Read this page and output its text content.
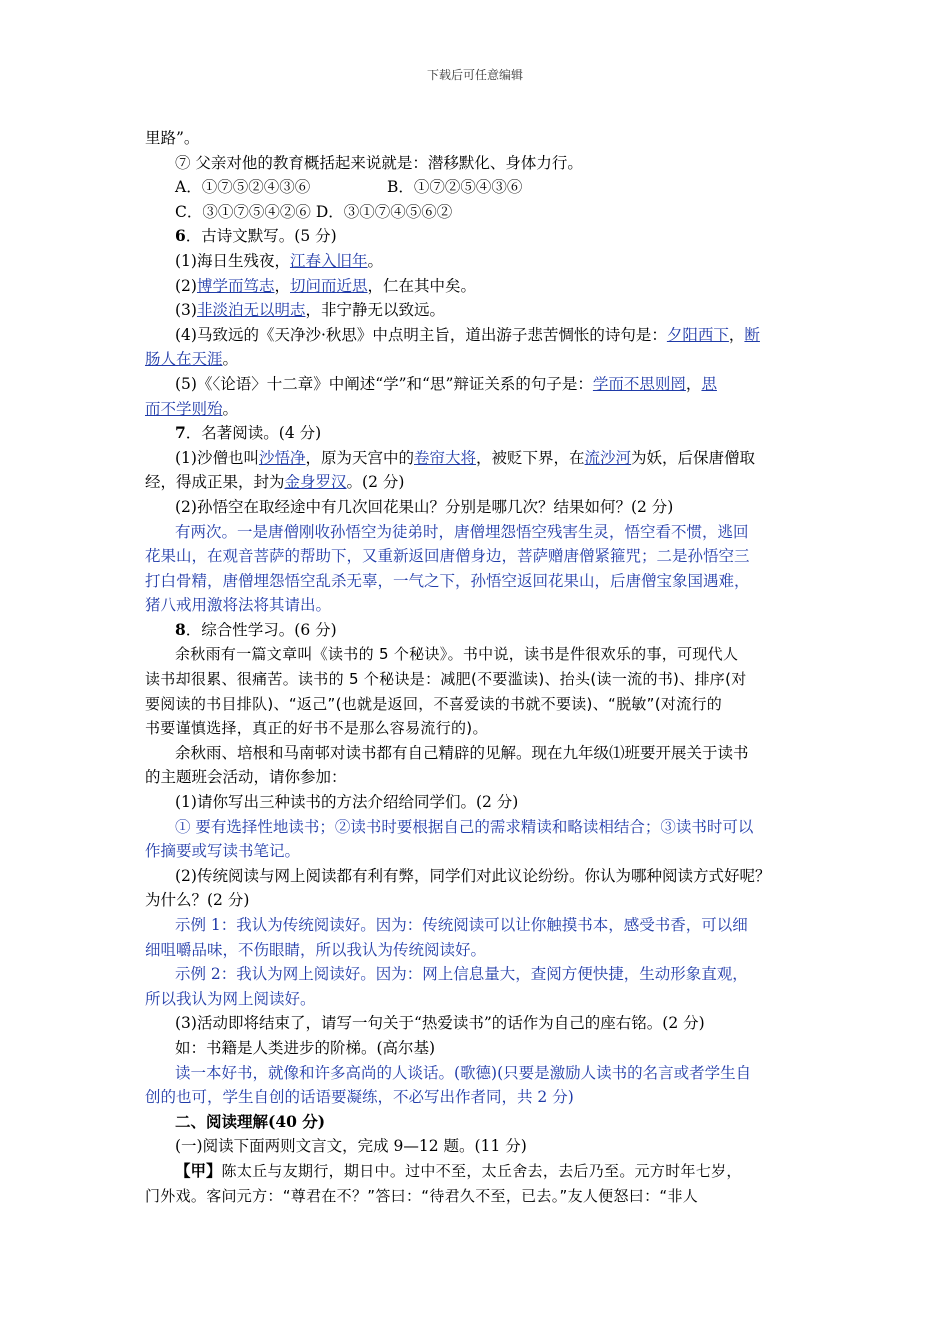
下载后可任意编辑

里路”。

⑦ 父亲对他的教育概括起来说就是：潜移默化、身体力行。

A．①⑦⑤②④③⑥	B．①⑦②⑤④③⑥

C．③①⑦⑤④②⑥ D．③①⑦④⑤⑥②

6．古诗文默写。(5 分)

(1)海日生残夜，江春入旧年。

(2)博学而笃志，切问而近思，仁在其中矣。

(3)非淡泊无以明志，非宁静无以致远。

(4)马致远的《天净沙·秋思》中点明主旨，道出游子悲苦惆怅的诗句是：夕阳西下，断

肠人在天涯。

(5)《〈论语〉十二章》中阐述“学”和“思”辩证关系的句子是：学而不思则罔，思

而不学则殆。

7．名著阅读。(4 分)

(1)沙僧也叫沙悟净，原为天宫中的卷帘大将，被贬下界，在流沙河为妖，后保唐僧取

经，得成正果，封为金身罗汉。(2 分)

(2)孙悟空在取经途中有几次回花果山？分别是哪几次？结果如何？(2 分)

有两次。一是唐僧刚收孙悟空为徒弟时，唐僧埋怨悟空残害生灵，悟空看不惯，逃回

花果山，在观音菩萨的帮助下，又重新返回唐僧身边，菩萨赠唐僧紧箍咒；二是孙悟空三

打白骨精，唐僧埋怨悟空乱杀无辜，一气之下，孙悟空返回花果山，后唐僧宝象国遇难，

猪八戒用激将法将其请出。

8．综合性学习。(6 分)

余秋雨有一篇文章叫《读书的 5 个秘诀》。书中说，读书是件很欢乐的事，可现代人

读书却很累、很痛苦。读书的 5 个秘诀是：减肥(不要滥读)、抬头(读一流的书)、排序(对

要阅读的书目排队)、“返己”(也就是返回，不喜爱读的书就不要读)、“脱敏”(对流行的

书要谨慎选择，真正的好书不是那么容易流行的)。

余秋雨、培根和马南邨对读书都有自己精辟的见解。现在九年级⑴班要开展关于读书

的主题班会活动，请你参加：

(1)请你写出三种读书的方法介绍给同学们。(2 分)

① 要有选择性地读书；②读书时要根据自己的需求精读和略读相结合；③读书时可以

作摘要或写读书笔记。

(2)传统阅读与网上阅读都有利有弊，同学们对此议论纷纷。你认为哪种阅读方式好呢？

为什么？(2 分)

示例 1：我认为传统阅读好。因为：传统阅读可以让你触摸书本，感受书香，可以细

细咀嚼品味，不伤眼睛，所以我认为传统阅读好。

示例 2：我认为网上阅读好。因为：网上信息量大，查阅方便快捷，生动形象直观，

所以我认为网上阅读好。

(3)活动即将结束了，请写一句关于“热爱读书”的话作为自己的座右铭。(2 分)

如：书籍是人类进步的阶梯。(高尔基)

读一本好书，就像和许多高尚的人谈话。(歌德)(只要是激励人读书的名言或者学生自

创的也可，学生自创的话语要凝练，不必写出作者同，共 2 分)

二、阅读理解(40 分)

(一)阅读下面两则文言文，完成 9—12 题。(11 分)

【甲】陈太丘与友期行，期日中。过中不至，太丘舍去，去后乃至。元方时年七岁，

门外戏。客问元方：“尊君在不？”答曰：“待君久不至，已去。”友人便怒曰：“非人
